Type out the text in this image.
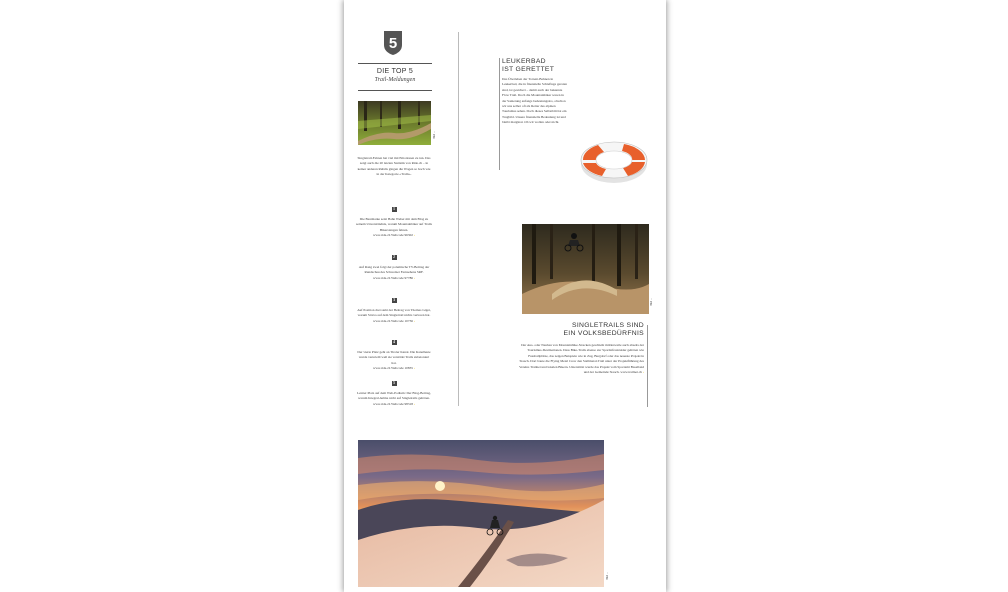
5
DIE TOP 5
Trail-Meldungen
Bild: ...
Singletrail-Fahren hat viel mit Emotionen zu tun. Das zeigt auch die 20 letzten Statistik von Ride.ch – in keiner anderen Rubrik gingen die Wogen so hoch wie in der Kategorie «Trails».
1
Die Bestmarke setzt Bahn Weber mit dem Blog zu seinem Unverständnis, warum Mountainbiker auf Trails Bikerstangen fahren.
www.ride.ch Webcode 96302 ›
2
Auf Rang zwei folgt der polemische TV-Beitrag der Rundschau des Schweizer Fernsehens SRF.
www.ride.ch Webcode 97786 ›
3
Auf Position drei steht der Beitrag von Thomas Giger, warum Strava auf dem Singletrail nichts verloren hat.
www.ride.ch Webcode 10736 ›
4
Der vierte Platz geht an Tiroler Kanal. Die Kanalleute wurde verurteilt weil sie verstärkt Trails zubetoniert hat.
www.ride.ch Webcode 10835 ›
5
Letzter Platz auf dem Web-Podium: Der Blog-Beitrag, warum Integral-helme nicht auf Singletrails gehören.
www.ride.ch Webcode 98318 ›
LEUKERBAD
IST GERETTET
Das Überleben der Torrent-Bahnen in Leukerbad, die in finanzielle Schieflage geraten sind, ist gesichert – damit auch der bekannte Flow Trail. Doch die Mountainbiker waren in der Sanierung anfangs bedeutungslos, obschon wir uns selber oft als Retter des alpinen Tourismus sehen. Doch dieses Selbstbild ist ein Trugbild. Unsere finanzielle Bedeutung ist und bleibt marginal. Ob wir wollen oder nicht.
Bild: ...
SINGLETRAILS SIND
EIN VOLKSBEDÜRFNIS
Der Aus- oder Neubau von Mountainbike-Strecken geschieht mittlerweile auch abseits der Tourismus-Destinationen. Dass Bike-Trails ebenso zur Sportinfrastruktur gehören wie Fussballplätze, das zeigen Beispiele wie in Zug, Burgdorf oder das neueste Projekt in Staach. Dort baute die Flying Metal Crew den Stallmetal-Trail unter der Projektführung des Vereins Trailnet und lokalen Bikern. Unterstützt wurde das Projekt vom Sportamt Baselland und der Gemeinde Staach. www.trailnet.ch ›
Bild: ...
